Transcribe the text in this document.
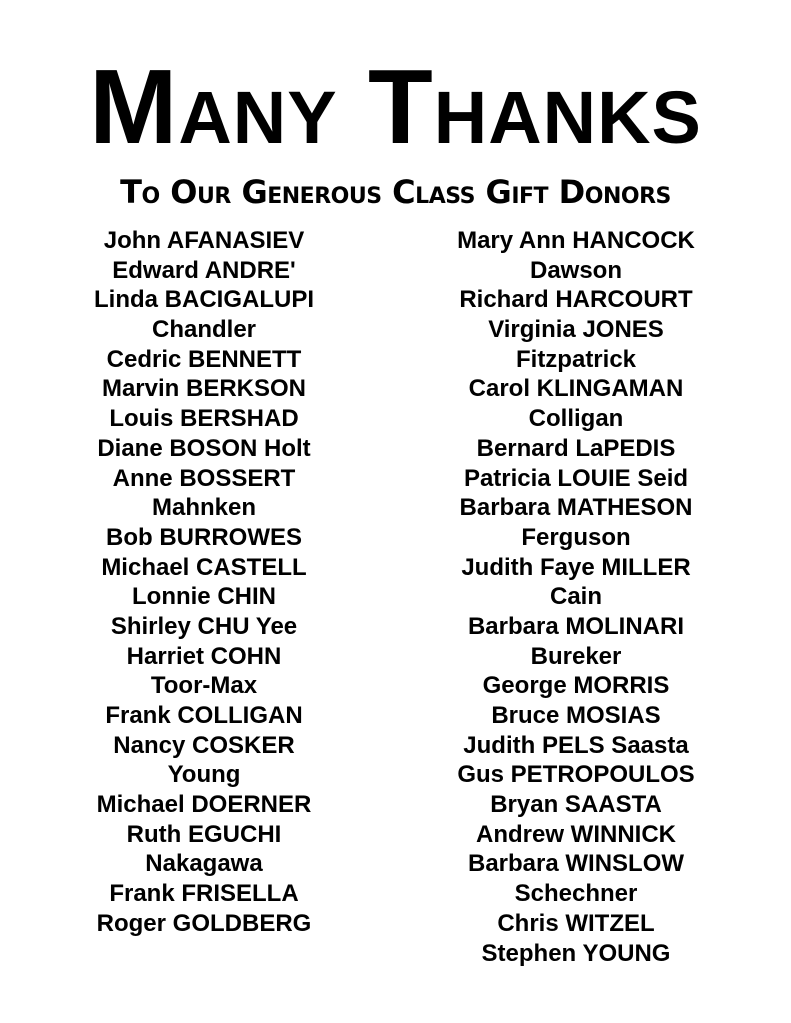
Many Thanks
To Our Generous Class Gift Donors
John AFANASIEV
Edward ANDRE'
Linda BACIGALUPI
Chandler
Cedric BENNETT
Marvin BERKSON
Louis BERSHAD
Diane BOSON Holt
Anne BOSSERT
Mahnken
Bob BURROWES
Michael CASTELL
Lonnie CHIN
Shirley CHU Yee
Harriet COHN
Toor-Max
Frank COLLIGAN
Nancy COSKER
Young
Michael DOERNER
Ruth EGUCHI
Nakagawa
Frank FRISELLA
Roger GOLDBERG
Mary Ann HANCOCK
Dawson
Richard HARCOURT
Virginia JONES
Fitzpatrick
Carol KLINGAMAN
Colligan
Bernard LaPEDIS
Patricia LOUIE Seid
Barbara MATHESON
Ferguson
Judith Faye MILLER
Cain
Barbara MOLINARI
Bureker
George MORRIS
Bruce MOSIAS
Judith PELS Saasta
Gus PETROPOULOS
Bryan SAASTA
Andrew WINNICK
Barbara WINSLOW
Schechner
Chris WITZEL
Stephen YOUNG
